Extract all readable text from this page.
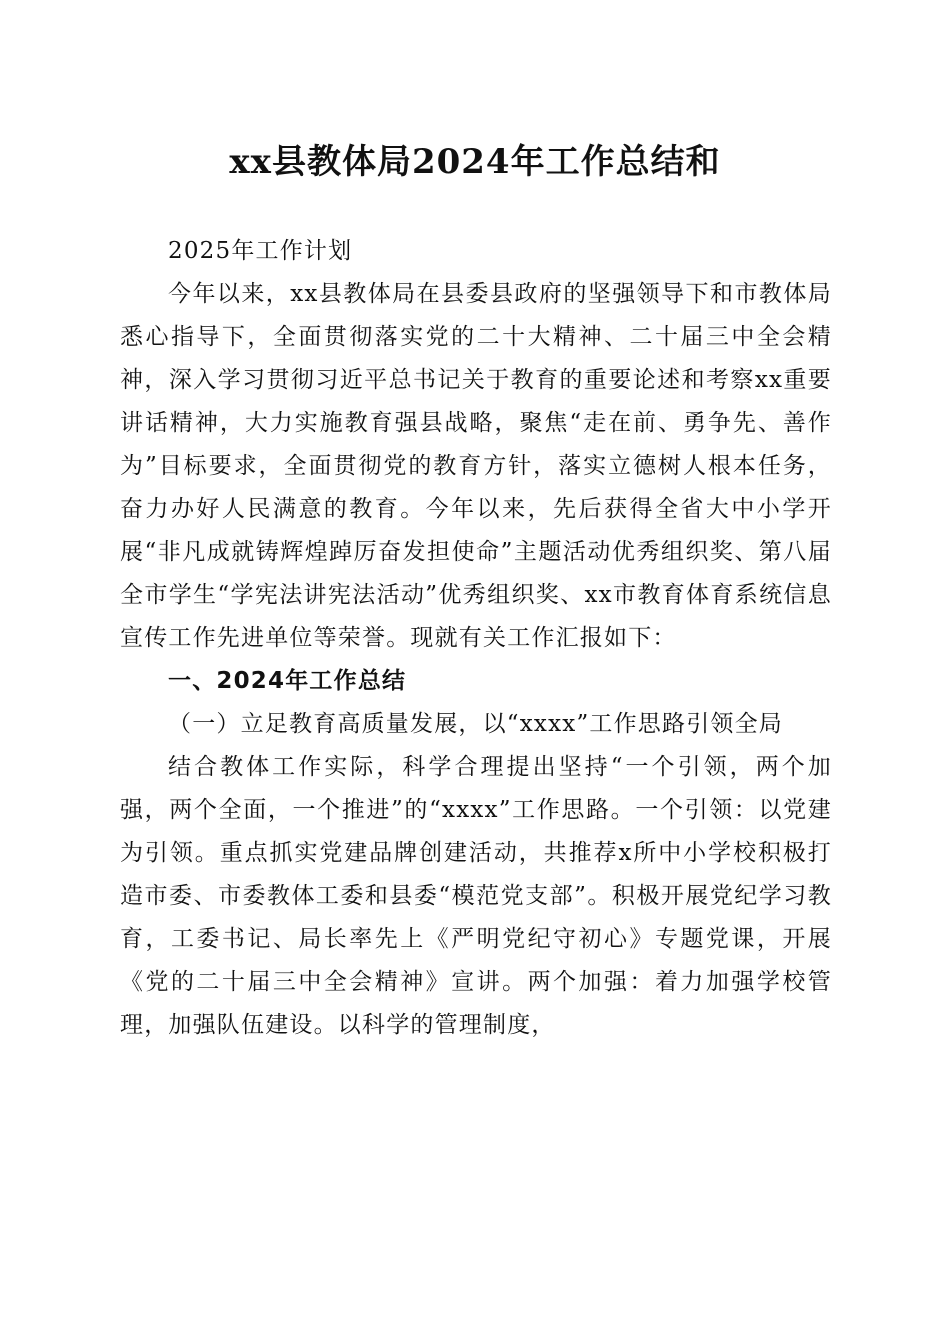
xx县教体局2024年工作总结和

2025年工作计划

今年以来，xx县教体局在县委县政府的坚强领导下和市教体局悉心指导下，全面贯彻落实党的二十大精神、二十届三中全会精神，深入学习贯彻习近平总书记关于教育的重要论述和考察xx重要讲话精神，大力实施教育强县战略，聚焦“走在前、勇争先、善作为”目标要求，全面贯彻党的教育方针，落实立德树人根本任务，奋力办好人民满意的教育。今年以来，先后获得全省大中小学开展“非凡成就铸辉煌踔厉奋发担使命”主题活动优秀组织奖、第八届全市学生“学宪法讲宪法活动”优秀组织奖、xx市教育体育系统信息宣传工作先进单位等荣誉。现就有关工作汇报如下：

一、2024年工作总结
（一）立足教育高质量发展，以“xxxx”工作思路引领全局

结合教体工作实际，科学合理提出坚持“一个引领，两个加强，两个全面，一个推进”的“xxxx”工作思路。一个引领：以党建为引领。重点抓实党建品牌创建活动，共推荐x所中小学校积极打造市委、市委教体工委和县委“模范党支部”。积极开展党纪学习教育，工委书记、局长率先上《严明党纪守初心》专题党课，开展《党的二十届三中全会精神》宣讲。两个加强：着力加强学校管理，加强队伍建设。以科学的管理制度，
